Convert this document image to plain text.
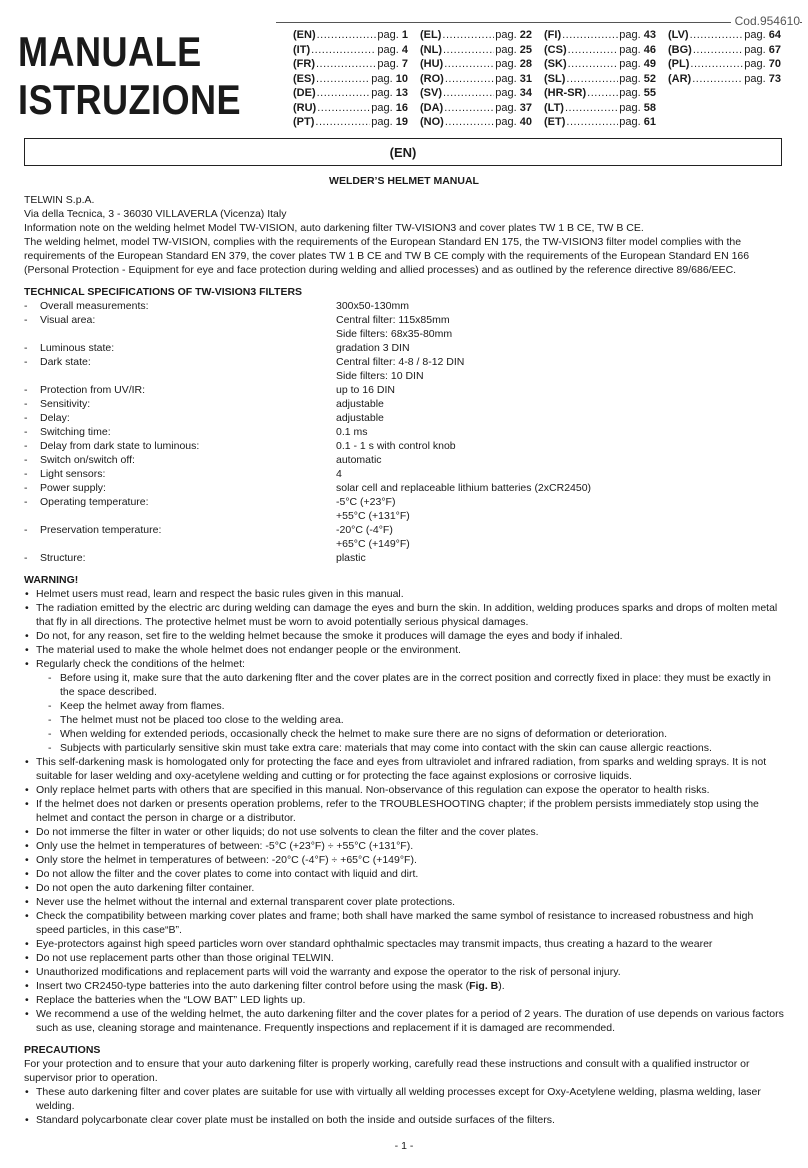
Cod.954610
MANUALE
ISTRUZIONE
(EN) .....	pag. 1
(IT) .....	pag. 4
(FR) .....	pag. 7
(ES) .....	pag. 10
(DE) .....	pag. 13
(RU) .....	pag. 16
(PT) .....	pag. 19
(EL) .....	pag. 22
(NL) .....	pag. 25
(HU) .....	pag. 28
(RO) .....	pag. 31
(SV) .....	pag. 34
(DA) .....	pag. 37
(NO) .....	pag. 40
(FI) .....	pag. 43
(CS) .....	pag. 46
(SK) .....	pag. 49
(SL) .....	pag. 52
(HR-SR) .....	pag. 55
(LT) .....	pag. 58
(ET) .....	pag. 61
(LV) .....	pag. 64
(BG) .....	pag. 67
(PL) .....	pag. 70
(AR) .....	pag. 73
(EN)

WELDER’S HELMET MANUAL

TELWIN S.p.A.

Via della Tecnica, 3 - 36030 VILLAVERLA (Vicenza) Italy

Information note on the welding helmet Model TW-VISION, auto darkening filter TW-VISION3 and cover plates TW 1 B CE, TW B CE.

The welding helmet, model TW-VISION, complies with the requirements of the European Standard EN 175, the TW-VISION3 filter model complies with the requirements of the European Standard EN 379, the cover plates TW 1 B CE and TW B CE comply with the requirements of the European Standard EN 166 (Personal Protection - Equipment for eye and face protection during welding and allied processes) and as outlined by the reference directive 89/686/EEC.

TECHNICAL SPECIFICATIONS OF TW-VISION3 FILTERS

-	Overall measurements:	300x50-130mm
-	Visual area:	Central filter: 115x85mm
Side filters: 68x35-80mm
-	Luminous state:	gradation 3 DIN
-	Dark state:	Central filter: 4-8 / 8-12 DIN
Side filters: 10 DIN
-	Protection from UV/IR:	up to 16 DIN
-	Sensitivity:	adjustable
-	Delay:	adjustable
-	Switching time:	0.1 ms
-	Delay from dark state to luminous:	0.1 - 1 s with control knob
-	Switch on/switch off:	automatic
-	Light sensors:	4
-	Power supply:	solar cell and replaceable lithium batteries (2xCR2450)
-	Operating temperature:	-5°C (+23°F)
+55°C (+131°F)
-	Preservation temperature:	-20°C (-4°F)
+65°C (+149°F)
-	Structure:	plastic

WARNING!

• Helmet users must read, learn and respect the basic rules given in this manual.
• The radiation emitted by the electric arc during welding can damage the eyes and burn the skin. In addition, welding produces sparks and drops of molten metal that fly in all directions. The protective helmet must be worn to avoid potentially serious physical damages.
• Do not, for any reason, set fire to the welding helmet because the smoke it produces will damage the eyes and body if inhaled.
• The material used to make the whole helmet does not endanger people or the environment.
• Regularly check the conditions of the helmet:
- Before using it, make sure that the auto darkening flter and the cover plates are in the correct position and correctly fixed in place: they must be exactly in the space described.
- Keep the helmet away from flames.
- The helmet must not be placed too close to the welding area.
- When welding for extended periods, occasionally check the helmet to make sure there are no signs of deformation or deterioration.
- Subjects with particularly sensitive skin must take extra care: materials that may come into contact with the skin can cause allergic reactions.
• This self-darkening mask is homologated only for protecting the face and eyes from ultraviolet and infrared radiation, from sparks and welding sprays. It is not suitable for laser welding and oxy-acetylene welding and cutting or for protecting the face against explosions or corrosive liquids.
• Only replace helmet parts with others that are specified in this manual. Non-observance of this regulation can expose the operator to health risks.
• If the helmet does not darken or presents operation problems, refer to the TROUBLESHOOTING chapter; if the problem persists immediately stop using the helmet and contact the person in charge or a distributor.
• Do not immerse the filter in water or other liquids; do not use solvents to clean the filter and the cover plates.
• Only use the helmet in temperatures of between: -5°C (+23°F) ÷ +55°C (+131°F).
• Only store the helmet in temperatures of between: -20°C (-4°F) ÷ +65°C (+149°F).
• Do not allow the filter and the cover plates to come into contact with liquid and dirt.
• Do not open the auto darkening filter container.
• Never use the helmet without the internal and external transparent cover plate protections.
• Check the compatibility between marking cover plates and frame; both shall have marked the same symbol of resistance to increased robustness and high speed particles, in this case“B”.
• Eye-protectors against high speed particles worn over standard ophthalmic spectacles may transmit impacts, thus creating a hazard to the wearer
• Do not use replacement parts other than those original TELWIN.
• Unauthorized modifications and replacement parts will void the warranty and expose the operator to the risk of personal injury.
• Insert two CR2450-type batteries into the auto darkening filter control before using the mask (Fig. B).
• Replace the batteries when the “LOW BAT” LED lights up.
• We recommend a use of the welding helmet, the auto darkening filter and the cover plates for a period of 2 years. The duration of use depends on various factors such as use, cleaning storage and maintenance. Frequently inspections and replacement if it is damaged are recommended.

PRECAUTIONS

For your protection and to ensure that your auto darkening filter is properly working, carefully read these instructions and consult with a qualified instructor or supervisor prior to operation.

• These auto darkening filter and cover plates are suitable for use with virtually all welding processes except for Oxy-Acetylene welding, plasma welding, laser welding.
• Standard polycarbonate clear cover plate must be installed on both the inside and outside surfaces of the filters.
- 1 -
